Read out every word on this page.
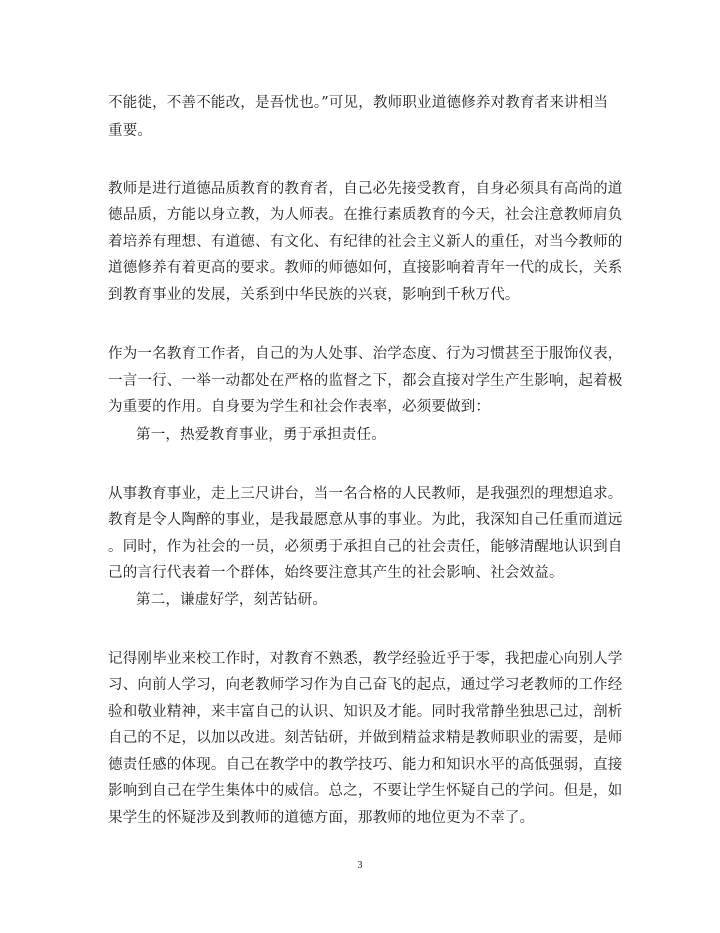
不能徙，不善不能改，是吾忧也。”可见，教师职业道德修养对教育者来讲相当
重要。
教师是进行道德品质教育的教育者，自己必先接受教育，自身必须具有高尚的道
德品质，方能以身立教，为人师表。在推行素质教育的今天，社会注意教师肩负
着培养有理想、有道德、有文化、有纪律的社会主义新人的重任，对当今教师的
道德修养有着更高的要求。教师的师德如何，直接影响着青年一代的成长，关系
到教育事业的发展，关系到中华民族的兴衰，影响到千秋万代。
作为一名教育工作者，自己的为人处事、治学态度、行为习惯甚至于服饰仪表，
一言一行、一举一动都处在严格的监督之下，都会直接对学生产生影响，起着极
为重要的作用。自身要为学生和社会作表率，必须要做到：
第一，热爱教育事业，勇于承担责任。
从事教育事业，走上三尺讲台，当一名合格的人民教师，是我强烈的理想追求。
教育是令人陶醉的事业，是我最愿意从事的事业。为此，我深知自己任重而道远
。同时，作为社会的一员，必须勇于承担自己的社会责任，能够清醒地认识到自
己的言行代表着一个群体，始终要注意其产生的社会影响、社会效益。
第二，谦虚好学，刻苦钻研。
记得刚毕业来校工作时，对教育不熟悉，教学经验近乎于零，我把虚心向别人学
习、向前人学习，向老教师学习作为自己奋飞的起点，通过学习老教师的工作经
验和敬业精神，来丰富自己的认识、知识及才能。同时我常静坐独思己过，剖析
自己的不足，以加以改进。刻苦钻研，并做到精益求精是教师职业的需要，是师
德责任感的体现。自己在教学中的教学技巧、能力和知识水平的高低强弱，直接
影响到自己在学生集体中的威信。总之，不要让学生怀疑自己的学问。但是，如
果学生的怀疑涉及到教师的道德方面，那教师的地位更为不幸了。
3
